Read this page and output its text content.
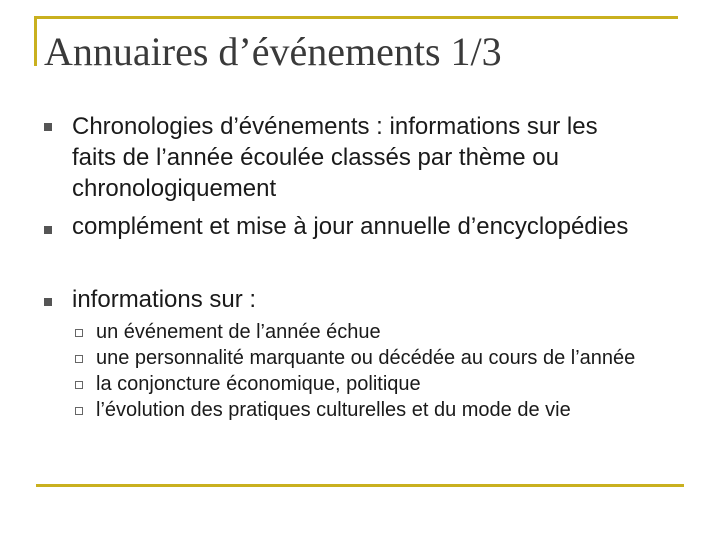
Annuaires d’événements 1/3
Chronologies d’événements : informations sur les
faits de l’année écoulée classés par thème ou
chronologiquement
complément et mise à jour annuelle d’encyclopédies
informations sur :
un événement de l’année échue
une personnalité marquante ou décédée au cours de l’année
la conjoncture économique, politique
l’évolution des pratiques culturelles et du mode de vie
